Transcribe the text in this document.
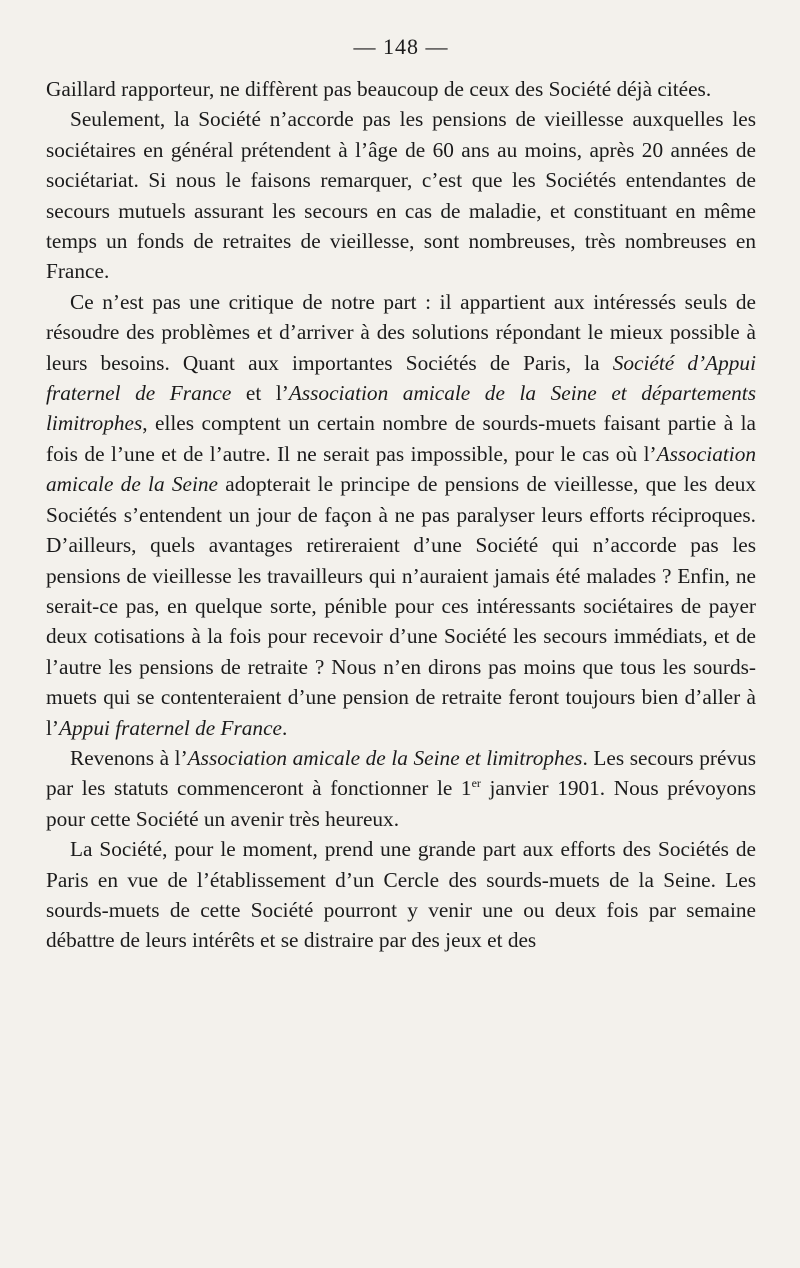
— 148 —

Gaillard rapporteur, ne diffèrent pas beaucoup de ceux des Société déjà citées.

Seulement, la Société n’accorde pas les pensions de vieillesse auxquelles les sociétaires en général prétendent à l’âge de 60 ans au moins, après 20 années de sociétariat. Si nous le faisons remarquer, c’est que les Sociétés entendantes de secours mutuels assurant les secours en cas de maladie, et constituant en même temps un fonds de retraites de vieillesse, sont nombreuses, très nombreuses en France.

Ce n’est pas une critique de notre part : il appartient aux intéressés seuls de résoudre des problèmes et d’arriver à des solutions répondant le mieux possible à leurs besoins. Quant aux importantes Sociétés de Paris, la Société d’Appui fraternel de France et l’Association amicale de la Seine et départements limitrophes, elles comptent un certain nombre de sourds-muets faisant partie à la fois de l’une et de l’autre. Il ne serait pas impossible, pour le cas où l’Association amicale de la Seine adopterait le principe de pensions de vieillesse, que les deux Sociétés s’entendent un jour de façon à ne pas paralyser leurs efforts réciproques. D’ailleurs, quels avantages retireraient d’une Société qui n’accorde pas les pensions de vieillesse les travailleurs qui n’auraient jamais été malades ? Enfin, ne serait-ce pas, en quelque sorte, pénible pour ces intéressants sociétaires de payer deux cotisations à la fois pour recevoir d’une Société les secours immédiats, et de l’autre les pensions de retraite ? Nous n’en dirons pas moins que tous les sourds-muets qui se contenteraient d’une pension de retraite feront toujours bien d’aller à l’Appui fraternel de France.

Revenons à l’Association amicale de la Seine et limitrophes. Les secours prévus par les statuts commenceront à fonctionner le 1er janvier 1901. Nous prévoyons pour cette Société un avenir très heureux.

La Société, pour le moment, prend une grande part aux efforts des Sociétés de Paris en vue de l’établissement d’un Cercle des sourds-muets de la Seine. Les sourds-muets de cette Société pourront y venir une ou deux fois par semaine débattre de leurs intérêts et se distraire par des jeux et des
